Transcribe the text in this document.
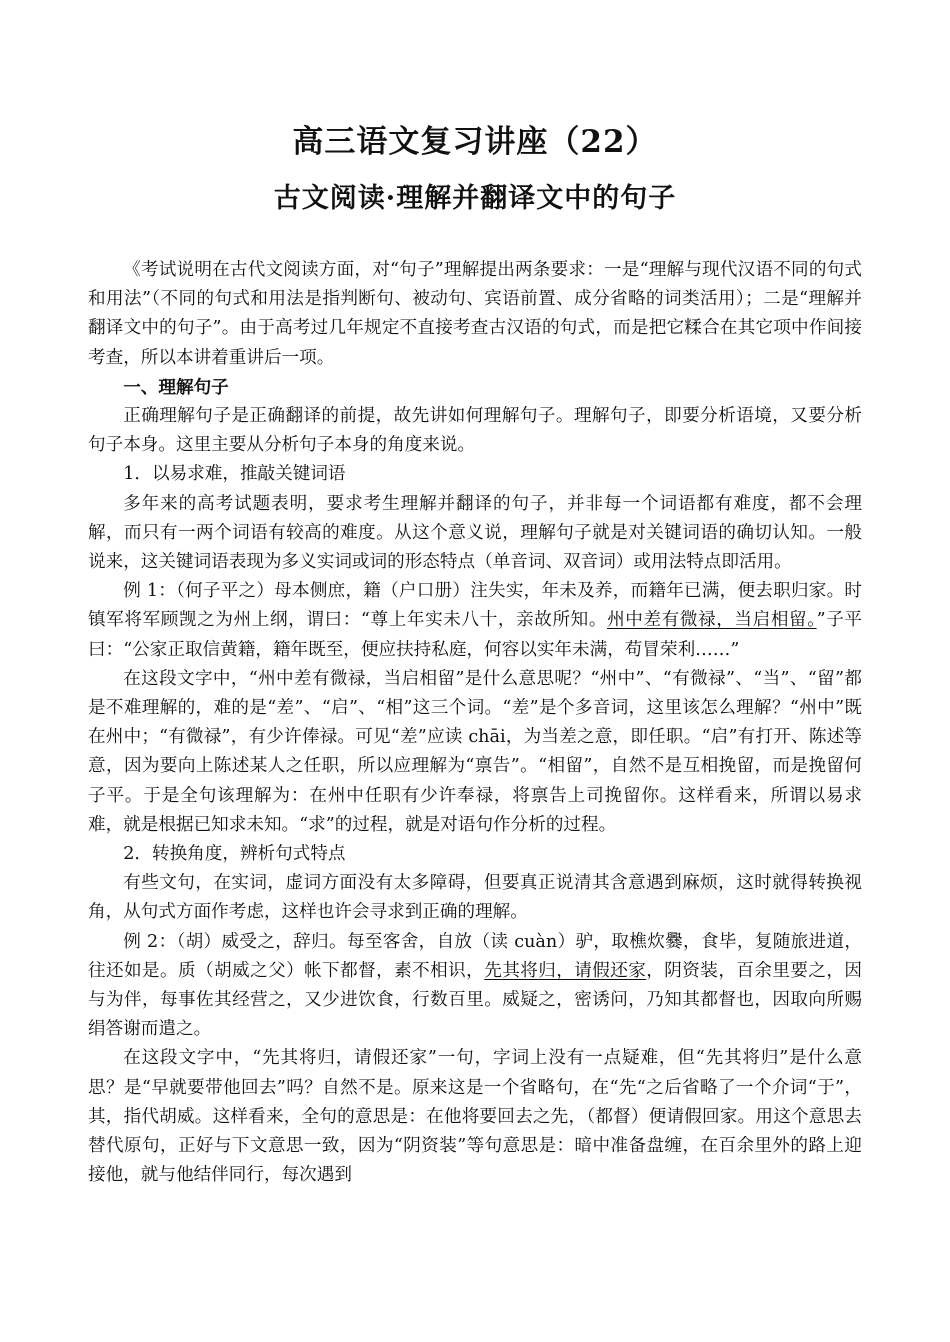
高三语文复习讲座（22）
古文阅读·理解并翻译文中的句子

《考试说明在古代文阅读方面，对“句子”理解提出两条要求：一是“理解与现代汉语不同的句式和用法”（不同的句式和用法是指判断句、被动句、宾语前置、成分省略的词类活用）；二是“理解并翻译文中的句子”。由于高考过几年规定不直接考查古汉语的句式，而是把它糅合在其它项中作间接考查，所以本讲着重讲后一项。

一、理解句子

正确理解句子是正确翻译的前提，故先讲如何理解句子。理解句子，即要分析语境，又要分析句子本身。这里主要从分析句子本身的角度来说。

1．以易求难，推敲关键词语

多年来的高考试题表明，要求考生理解并翻译的句子，并非每一个词语都有难度，都不会理解，而只有一两个词语有较高的难度。从这个意义说，理解句子就是对关键词语的确切认知。一般说来，这关键词语表现为多义实词或词的形态特点（单音词、双音词）或用法特点即活用。

例 1：（何子平之）母本侧庶，籍（户口册）注失实，年未及养，而籍年已满，便去职归家。时镇军将军顾觊之为州上纲，谓曰：“尊上年实未八十，亲故所知。州中差有微禄，当启相留。”子平曰：“公家正取信黄籍，籍年既至，便应扶持私庭，何容以实年未满，苟冒荣利……”

在这段文字中，“州中差有微禄，当启相留”是什么意思呢？“州中”、“有微禄”、“当”、“留”都是不难理解的，难的是“差”、“启”、“相”这三个词。“差”是个多音词，这里该怎么理解？“州中”既在州中；“有微禄”，有少许俸禄。可见“差”应读 chāi，为当差之意，即任职。“启”有打开、陈述等意，因为要向上陈述某人之任职，所以应理解为“禀告”。“相留”，自然不是互相挽留，而是挽留何子平。于是全句该理解为：在州中任职有少许奉禄，将禀告上司挽留你。这样看来，所谓以易求难，就是根据已知求未知。“求”的过程，就是对语句作分析的过程。

2．转换角度，辨析句式特点

有些文句，在实词，虚词方面没有太多障碍，但要真正说清其含意遇到麻烦，这时就得转换视角，从句式方面作考虑，这样也许会寻求到正确的理解。

例 2：（胡）威受之，辞归。每至客舍，自放（读 cuàn）驴，取樵炊爨，食毕，复随旅进道，往还如是。质（胡威之父）帐下都督，素不相识，先其将归，请假还家，阴资装，百余里要之，因与为伴，每事佐其经营之，又少进饮食，行数百里。威疑之，密诱问，乃知其都督也，因取向所赐绢答谢而遣之。

在这段文字中，“先其将归，请假还家”一句，字词上没有一点疑难，但“先其将归”是什么意思？是“早就要带他回去”吗？自然不是。原来这是一个省略句，在“先“之后省略了一个介词“于”，其，指代胡威。这样看来，全句的意思是：在他将要回去之先，（都督）便请假回家。用这个意思去替代原句，正好与下文意思一致，因为“阴资装”等句意思是：暗中准备盘缠，在百余里外的路上迎接他，就与他结伴同行，每次遇到
